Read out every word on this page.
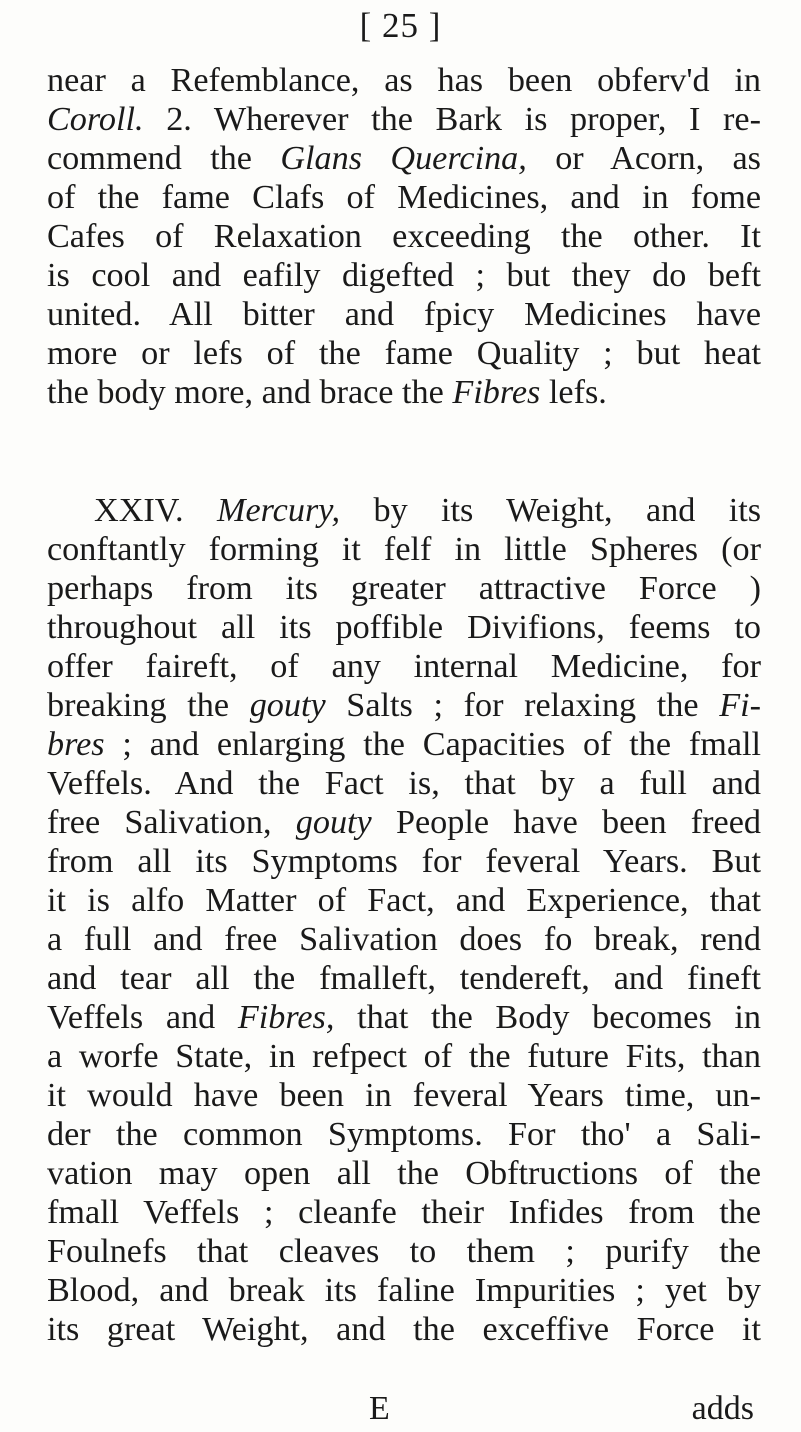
[ 25 ]
near a Refemblance, as has been obferv'd in
Coroll. 2. Wherever the Bark is proper, I re-
commend the Glans Quercina, or Acorn, as
of the fame Clafs of Medicines, and in fome
Cafes of Relaxation exceeding the other. It
is cool and eafily digefted ; but they do beft
united. All bitter and fpicy Medicines have
more or lefs of the fame Quality ; but heat
the body more, and brace the Fibres lefs.
XXIV. Mercury, by its Weight, and its
conftantly forming it felf in little Spheres (or
perhaps from its greater attractive Force )
throughout all its poffible Divifions, feems to
offer faireft, of any internal Medicine, for
breaking the gouty Salts ; for relaxing the Fi-
bres ; and enlarging the Capacities of the fmall
Veffels. And the Fact is, that by a full and
free Salivation, gouty People have been freed
from all its Symptoms for feveral Years. But
it is alfo Matter of Fact, and Experience, that
a full and free Salivation does fo break, rend
and tear all the fmalleft, tendereft, and fineft
Veffels and Fibres, that the Body becomes in
a worfe State, in refpect of the future Fits, than
it would have been in feveral Years time, un-
der the common Symptoms. For tho' a Sali-
vation may open all the Obftructions of the
fmall Veffels ; cleanfe their Infides from the
Foulnefs that cleaves to them ; purify the
Blood, and break its faline Impurities ; yet by
its great Weight, and the exceffive Force it
E	adds
